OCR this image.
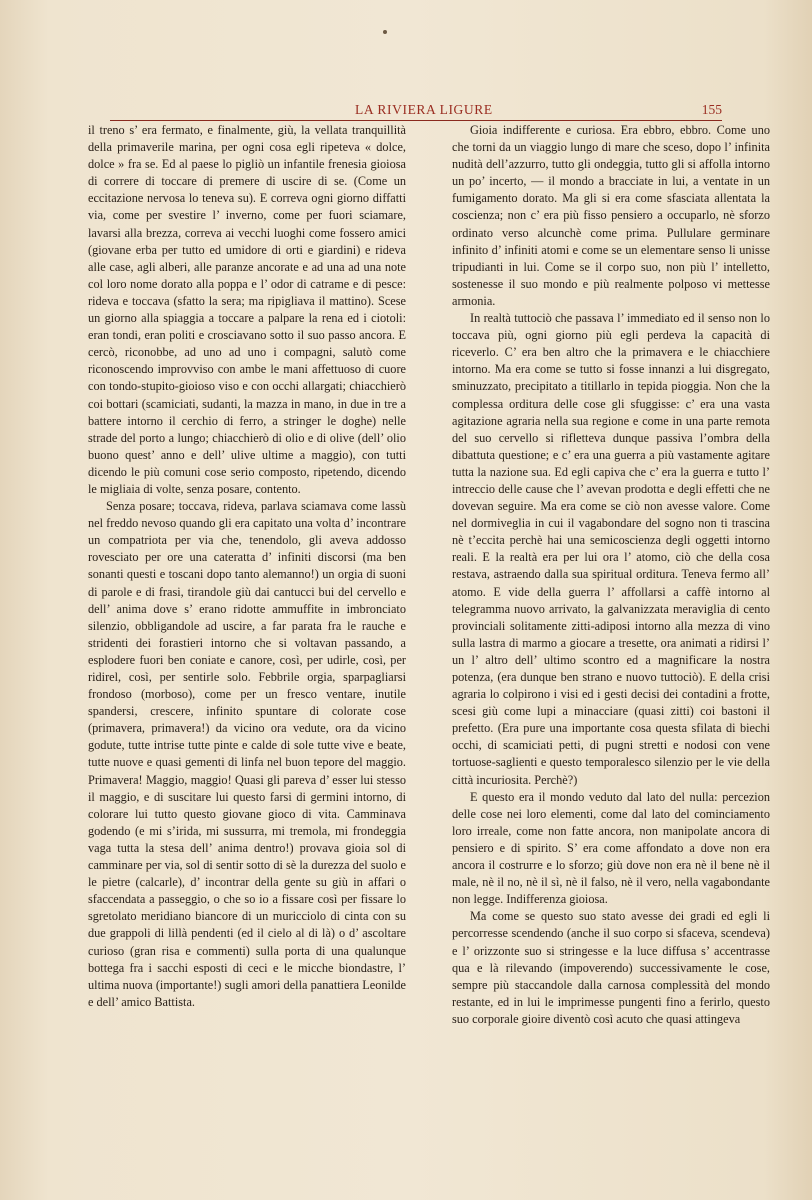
LA RIVIERA LIGURE	155

il treno s’ era fermato, e finalmente, giù, la vellata tranquillità della primaverile marina, per ogni cosa egli ripeteva « dolce, dolce » fra se. Ed al paese lo pigliò un infantile frenesia gioiosa di correre di toccare di premere di uscire di se. (Come un eccitazione nervosa lo teneva su). E correva ogni giorno diffatti via, come per svestire l’ inverno, come per fuori sciamare, lavarsi alla brezza, correva ai vecchi luoghi come fossero amici (giovane erba per tutto ed umidore di orti e giardini) e rideva alle case, agli alberi, alle paranze ancorate e ad una ad una note col loro nome dorato alla poppa e l’ odor di catrame e di pesce: rideva e toccava (sfatto la sera; ma ripigliava il mattino). Scese un giorno alla spiaggia a toccare a palpare la rena ed i ciotoli: eran tondi, eran politi e crosciavano sotto il suo passo ancora. E cercò, riconobbe, ad uno ad uno i compagni, salutò come riconoscendo improvviso con ambe le mani affettuoso di cuore con tondo-stupito-gioioso viso e con occhi allargati; chiacchierò coi bottari (scamiciati, sudanti, la mazza in mano, in due in tre a battere intorno il cerchio di ferro, a stringer le doghe) nelle strade del porto a lungo; chiacchierò di olio e di olive (dell’ olio buono quest’ anno e dell’ ulive ultime a maggio), con tutti dicendo le più comuni cose serio composto, ripetendo, dicendo le migliaia di volte, senza posare, contento.

Senza posare; toccava, rideva, parlava sciamava come lassù nel freddo nevoso quando gli era capitato una volta d’ incontrare un compatriota per via che, tenendolo, gli aveva addosso rovesciato per ore una cateratta d’ infiniti discorsi (ma ben sonanti questi e toscani dopo tanto alemanno!) un orgia di suoni di parole e di frasi, tirandole giù dai cantucci bui del cervello e dell’ anima dove s’ erano ridotte ammuffite in imbronciato silenzio, obbligandole ad uscire, a far parata fra le rauche e stridenti dei forastieri intorno che si voltavan passando, a esplodere fuori ben coniate e canore, così, per udirle, così, per ridirel, così, per sentirle solo. Febbrile orgia, sparpagliarsi frondoso (morboso), come per un fresco ventare, inutile spandersi, crescere, infinito spuntare di colorate cose (primavera, primavera!) da vicino ora vedute, ora da vicino godute, tutte intrise tutte pinte e calde di sole tutte vive e beate, tutte nuove e quasi gementi di linfa nel buon tepore del maggio. Primavera! Maggio, maggio! Quasi gli pareva d’ esser lui stesso il maggio, e di suscitare lui questo farsi di germini intorno, di colorare lui tutto questo giovane gioco di vita. Camminava godendo (e mi s’irida, mi sussurra, mi tremola, mi frondeggia vaga tutta la stesa dell’ anima dentro!) provava gioia sol di camminare per via, sol di sentir sotto di sè la durezza del suolo e le pietre (calcarle), d’ incontrar della gente su giù in affari o sfaccendata a passeggio, o che so io a fissare così per fissare lo sgretolato meridiano biancore di un muricciolo di cinta con su due grappoli di lillà pendenti (ed il cielo al di là) o d’ ascoltare curioso (gran risa e commenti) sulla porta di una qualunque bottega fra i sacchi esposti di ceci e le micche biondastre, l’ ultima nuova (importante!) sugli amori della panattiera Leonilde e dell’ amico Battista.

Gioia indifferente e curiosa. Era ebbro, ebbro. Come uno che torni da un viaggio lungo di mare che sceso, dopo l’ infinita nudità dell’azzurro, tutto gli ondeggia, tutto gli si affolla intorno un po’ incerto, — il mondo a bracciate in lui, a ventate in un fumigamento dorato. Ma gli si era come sfasciata allentata la coscienza; non c’ era più fisso pensiero a occuparlo, nè sforzo ordinato verso alcunchè come prima. Pullulare germinare infinito d’ infiniti atomi e come se un elementare senso li unisse tripudianti in lui. Come se il corpo suo, non più l’ intelletto, sostenesse il suo mondo e più realmente polposo vi mettesse armonia.

In realtà tuttociò che passava l’ immediato ed il senso non lo toccava più, ogni giorno più egli perdeva la capacità di riceverlo. C’ era ben altro che la primavera e le chiacchiere intorno. Ma era come se tutto si fosse innanzi a lui disgregato, sminuzzato, precipitato a titillarlo in tepida pioggia. Non che la complessa orditura delle cose gli sfuggisse: c’ era una vasta agitazione agraria nella sua regione e come in una parte remota del suo cervello si rifletteva dunque passiva l’ombra della dibattuta questione; e c’ era una guerra a più vastamente agitare tutta la nazione sua. Ed egli capiva che c’ era la guerra e tutto l’ intreccio delle cause che l’ avevan prodotta e degli effetti che ne dovevan seguire. Ma era come se ciò non avesse valore. Come nel dormiveglia in cui il vagabondare del sogno non ti trascina nè t’eccita perchè hai una semicoscienza degli oggetti intorno reali. E la realtà era per lui ora l’ atomo, ciò che della cosa restava, astraendo dalla sua spiritual orditura. Teneva fermo all’ atomo. E vide della guerra l’ affollarsi a caffè intorno al telegramma nuovo arrivato, la galvanizzata meraviglia di cento provinciali solitamente zitti-adiposi intorno alla mezza di vino sulla lastra di marmo a giocare a tresette, ora animati a ridirsi l’ un l’ altro dell’ ultimo scontro ed a magnificare la nostra potenza, (era dunque ben strano e nuovo tuttociò). E della crisi agraria lo colpirono i visi ed i gesti decisi dei contadini a frotte, scesi giù come lupi a minacciare (quasi zitti) coi bastoni il prefetto. (Era pure una importante cosa questa sfilata di biechi occhi, di scamiciati petti, di pugni stretti e nodosi con vene tortuose-saglienti e questo temporalesco silenzio per le vie della città incuriosita. Perchè?)

E questo era il mondo veduto dal lato del nulla: percezion delle cose nei loro elementi, come dal lato del cominciamento loro irreale, come non fatte ancora, non manipolate ancora di pensiero e di spirito. S’ era come affondato a dove non era ancora il costrurre e lo sforzo; giù dove non era nè il bene nè il male, nè il no, nè il sì, nè il falso, nè il vero, nella vagabondante non legge. Indifferenza gioiosa.

Ma come se questo suo stato avesse dei gradi ed egli li percorresse scendendo (anche il suo corpo si sfaceva, scendeva) e l’ orizzonte suo si stringesse e la luce diffusa s’ accentrasse qua e là rilevando (impoverendo) successivamente le cose, sempre più staccandole dalla carnosa complessità del mondo restante, ed in lui le imprimesse pungenti fino a ferirlo, questo suo corporale gioire diventò così acuto che quasi attingeva
